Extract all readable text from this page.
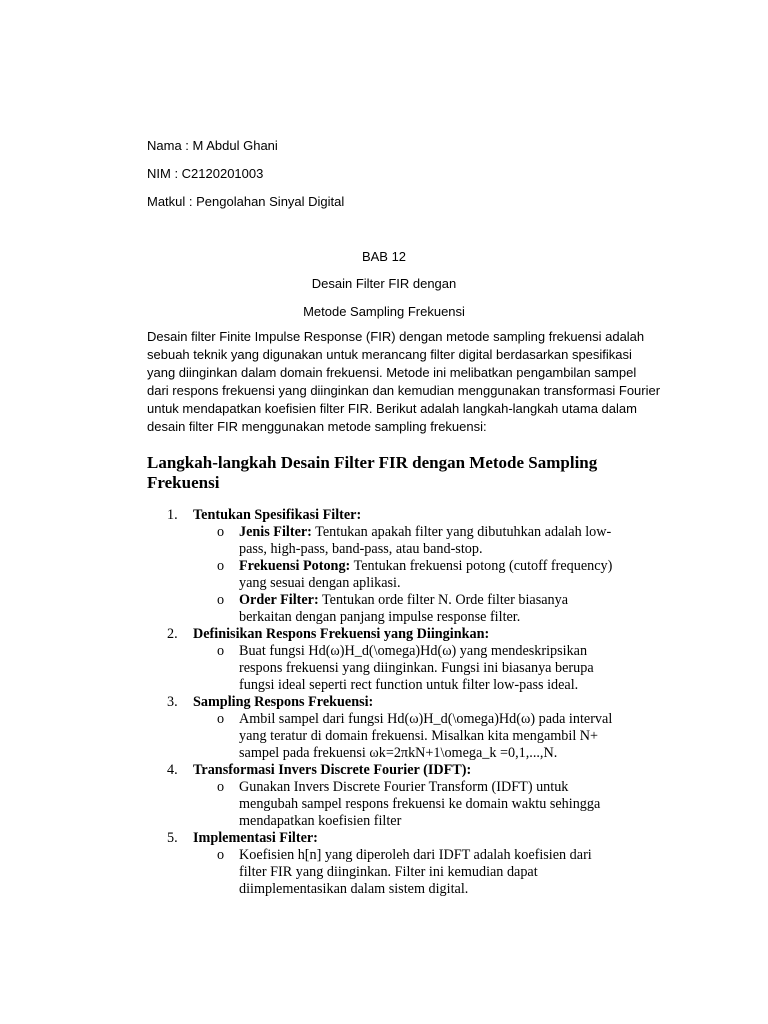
Nama : M Abdul Ghani
NIM : C2120201003
Matkul : Pengolahan Sinyal Digital
BAB 12
Desain Filter FIR dengan
Metode Sampling Frekuensi

Desain filter Finite Impulse Response (FIR) dengan metode sampling frekuensi adalah
sebuah teknik yang digunakan untuk merancang filter digital berdasarkan spesifikasi
yang diinginkan dalam domain frekuensi. Metode ini melibatkan pengambilan sampel
dari respons frekuensi yang diinginkan dan kemudian menggunakan transformasi Fourier
untuk mendapatkan koefisien filter FIR. Berikut adalah langkah-langkah utama dalam
desain filter FIR menggunakan metode sampling frekuensi:

Langkah-langkah Desain Filter FIR dengan Metode Sampling
Frekuensi
1. Tentukan Spesifikasi Filter:
o Jenis Filter: Tentukan apakah filter yang dibutuhkan adalah low-
pass, high-pass, band-pass, atau band-stop.
o Frekuensi Potong: Tentukan frekuensi potong (cutoff frequency)
yang sesuai dengan aplikasi.
o Order Filter: Tentukan orde filter N. Orde filter biasanya
berkaitan dengan panjang impulse response filter.
2. Definisikan Respons Frekuensi yang Diinginkan:
o Buat fungsi Hd(ω)H_d(\omega)Hd(ω) yang mendeskripsikan
respons frekuensi yang diinginkan. Fungsi ini biasanya berupa
fungsi ideal seperti rect function untuk filter low-pass ideal.
3. Sampling Respons Frekuensi:
o Ambil sampel dari fungsi Hd(ω)H_d(\omega)Hd(ω) pada interval
yang teratur di domain frekuensi. Misalkan kita mengambil N+
sampel pada frekuensi ωk=2πkN+1\omega_k =0,1,...,N.
4. Transformasi Invers Discrete Fourier (IDFT):
o Gunakan Invers Discrete Fourier Transform (IDFT) untuk
mengubah sampel respons frekuensi ke domain waktu sehingga
mendapatkan koefisien filter
5. Implementasi Filter:
o Koefisien h[n] yang diperoleh dari IDFT adalah koefisien dari
filter FIR yang diinginkan. Filter ini kemudian dapat
diimplementasikan dalam sistem digital.
